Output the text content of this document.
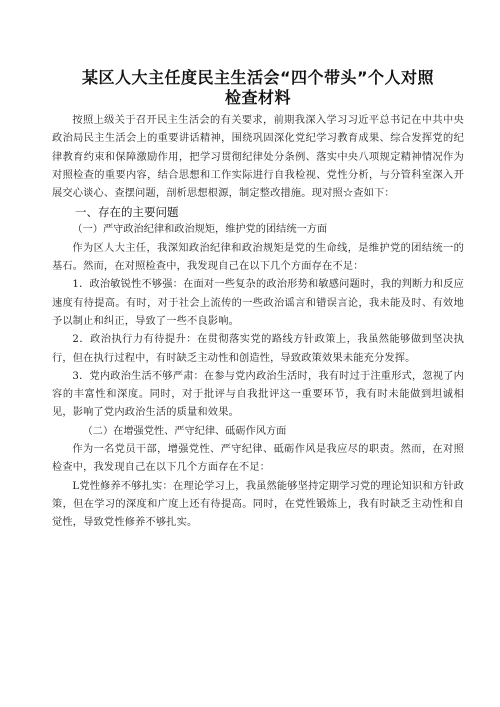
某区人大主任度民主生活会“四个带头”个人对照
检查材料

按照上级关于召开民主生活会的有关要求，前期我深入学习习近平总书记在中共中央政治局民主生活会上的重要讲话精神，围绕巩固深化党纪学习教育成果、综合发挥党的纪律教育约束和保障激励作用，把学习贯彻纪律处分条例、落实中央八项规定精神情况作为对照检查的重要内容，结合思想和工作实际进行自我检视、党性分析，与分管科室深入开展交心谈心、查摆问题，剖析思想根源，制定整改措施。现对照☆查如下：

一、存在的主要问题

（一）严守政治纪律和政治规矩，维护党的团结统一方面

作为区人大主任，我深知政治纪律和政治规矩是党的生命线，是维护党的团结统一的基石。然而，在对照检查中，我发现自己在以下几个方面存在不足：

1．政治敏锐性不够强：在面对一些复杂的政治形势和敏感问题时，我的判断力和反应速度有待提高。有时，对于社会上流传的一些政治谣言和错误言论，我未能及时、有效地予以制止和纠正，导致了一些不良影响。

2．政治执行力有待提升：在贯彻落实党的路线方针政策上，我虽然能够做到坚决执行，但在执行过程中，有时缺乏主动性和创造性，导致政策效果未能充分发挥。

3．党内政治生活不够严肃：在参与党内政治生活时，我有时过于注重形式，忽视了内容的丰富性和深度。同时，对于批评与自我批评这一重要环节，我有时未能做到坦诚相见，影响了党内政治生活的质量和效果。

（二）在增强党性、严守纪律、砥砺作风方面

作为一名党员干部，增强党性、严守纪律、砥砺作风是我应尽的职责。然而，在对照检查中，我发现自己在以下几个方面存在不足：

L党性修养不够扎实：在理论学习上，我虽然能够坚持定期学习党的理论知识和方针政策，但在学习的深度和广度上还有待提高。同时，在党性锻炼上，我有时缺乏主动性和自觉性，导致党性修养不够扎实。
